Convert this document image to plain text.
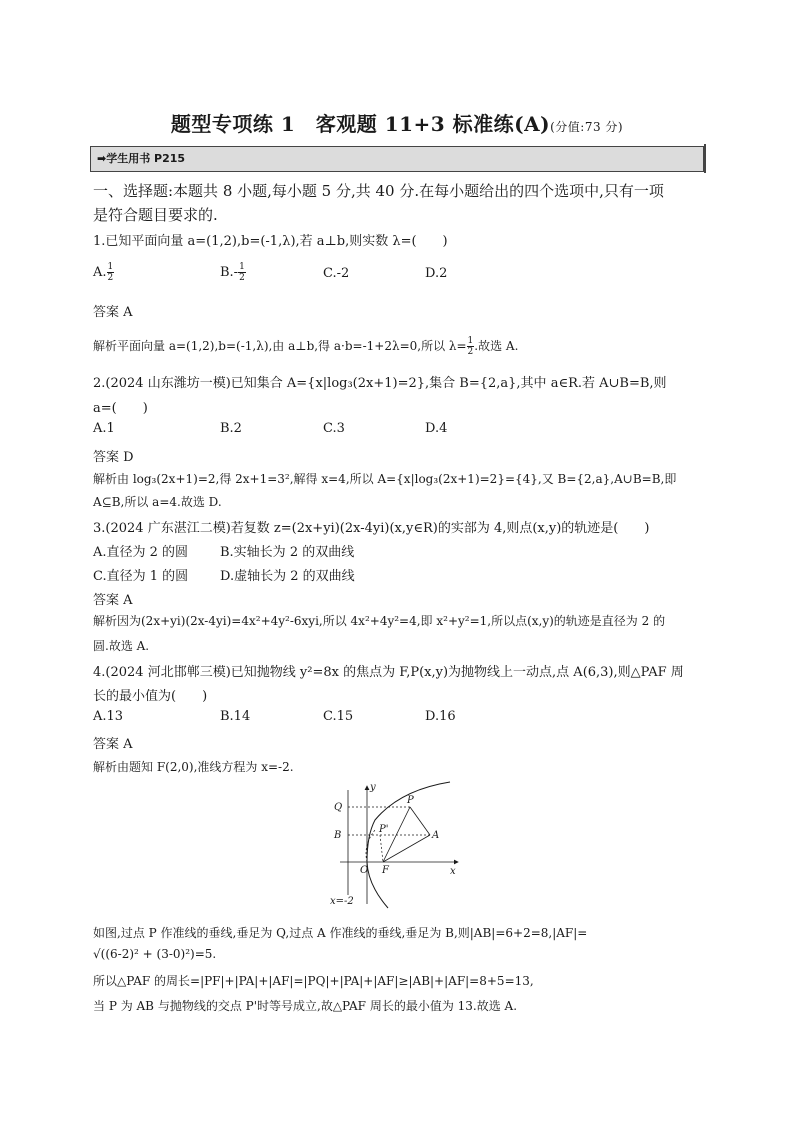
题型专项练 1　客观题 11+3 标准练(A)(分值:73 分)
➡学生用书 P215
一、选择题:本题共 8 小题,每小题 5 分,共 40 分.在每小题给出的四个选项中,只有一项
是符合题目要求的.
1.已知平面向量 a=(1,2),b=(-1,λ),若 a⊥b,则实数 λ=(　　)
A. $\frac{1}{2}$	$B.- \frac{1}{2}$	C.-2	D.2
答案 A
解析平面向量 a=(1,2),b=(-1,λ),由 a⊥b,得 a·b=-1+2λ=0,所以 $\lambda= \frac{1}{2}$ .故选 A.
2.(2024 山东潍坊一模)已知集合 A={x|log₃(2x+1)=2},集合 B={2,a},其中 a∈R.若 A∪B=B,则
a=(　　)
A.1	B.2	C.3	D.4
答案 D
解析由 log₃(2x+1)=2,得 2x+1=3²,解得 x=4,所以 A={x|log₃(2x+1)=2}={4},又 B={2,a},A∪B=B,即
A⊆B,所以 a=4.故选 D.
3.(2024 广东湛江二模)若复数 z=(2x+yi)(2x-4yi)(x,y∈R)的实部为 4,则点(x,y)的轨迹是(　　)
A.直径为 2 的圆 B.实轴长为 2 的双曲线
C.直径为 1 的圆 D.虚轴长为 2 的双曲线
答案 A
解析因为(2x+yi)(2x-4yi)=4x²+4y²-6xyi,所以 4x²+4y²=4,即 x²+y²=1,所以点(x,y)的轨迹是直径为 2 的
圆.故选 A.
4.(2024 河北邯郸三模)已知抛物线 y²=8x 的焦点为 F,P(x,y)为抛物线上一动点,点 A(6,3),则△PAF 周
长的最小值为(　　)
A.13	B.14	C.15	D.16
答案 A
解析由题知 F(2,0),准线方程为 x=-2.
y
x
Q
P
P'
B	A
O F
x=-2
如图,过点 P 作准线的垂线,垂足为 Q,过点 A 作准线的垂线,垂足为 B,则|AB|=6+2=8,|AF|=
√((6-2)² + (3-0)²)=5.
所以△PAF 的周长=|PF|+|PA|+|AF|=|PQ|+|PA|+|AF|≥|AB|+|AF|=8+5=13,
当 P 为 AB 与抛物线的交点 P'时等号成立,故△PAF 周长的最小值为 13.故选 A.
